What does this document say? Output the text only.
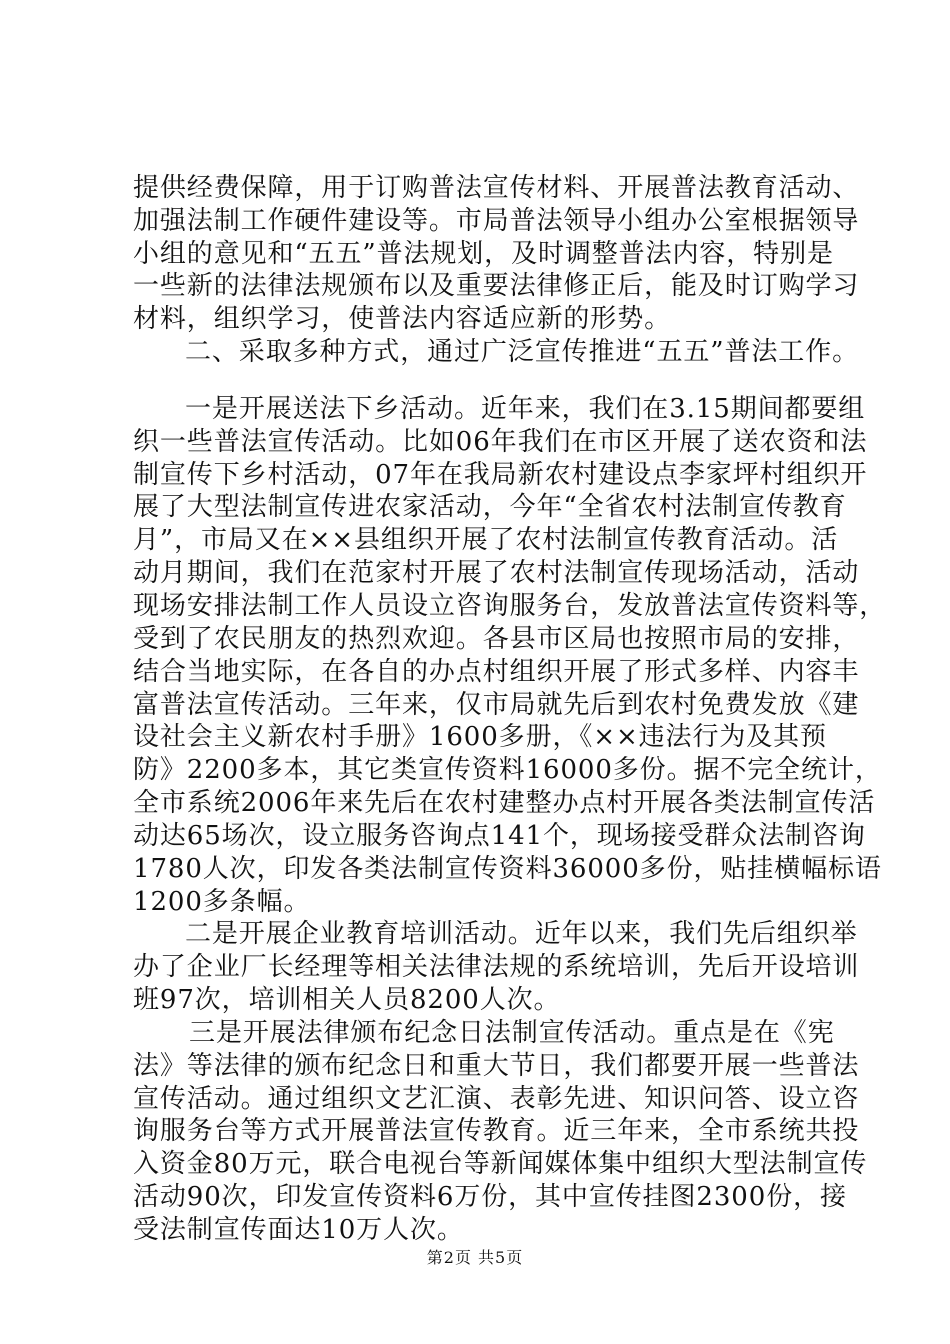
提供经费保障，用于订购普法宣传材料、开展普法教育活动、
加强法制工作硬件建设等。市局普法领导小组办公室根据领导
小组的意见和“五五”普法规划，及时调整普法内容，特别是
一些新的法律法规颁布以及重要法律修正后，能及时订购学习
材料，组织学习，使普法内容适应新的形势。
二、采取多种方式，通过广泛宣传推进“五五”普法工作。
一是开展送法下乡活动。近年来，我们在3.15期间都要组
织一些普法宣传活动。比如06年我们在市区开展了送农资和法
制宣传下乡村活动，07年在我局新农村建设点李家坪村组织开
展了大型法制宣传进农家活动，今年“全省农村法制宣传教育
月”，市局又在××县组织开展了农村法制宣传教育活动。活
动月期间，我们在范家村开展了农村法制宣传现场活动，活动
现场安排法制工作人员设立咨询服务台，发放普法宣传资料等，
受到了农民朋友的热烈欢迎。各县市区局也按照市局的安排，
结合当地实际，在各自的办点村组织开展了形式多样、内容丰
富普法宣传活动。三年来，仅市局就先后到农村免费发放《建
设社会主义新农村手册》1600多册，《××违法行为及其预
防》2200多本，其它类宣传资料16000多份。据不完全统计，
全市系统2006年来先后在农村建整办点村开展各类法制宣传活
动达65场次，设立服务咨询点141个，现场接受群众法制咨询
1780人次，印发各类法制宣传资料36000多份，贴挂横幅标语
1200多条幅。
二是开展企业教育培训活动。近年以来，我们先后组织举
办了企业厂长经理等相关法律法规的系统培训，先后开设培训
班97次，培训相关人员8200人次。
三是开展法律颁布纪念日法制宣传活动。重点是在《宪
法》等法律的颁布纪念日和重大节日，我们都要开展一些普法
宣传活动。通过组织文艺汇演、表彰先进、知识问答、设立咨
询服务台等方式开展普法宣传教育。近三年来，全市系统共投
入资金80万元，联合电视台等新闻媒体集中组织大型法制宣传
活动90次，印发宣传资料6万份，其中宣传挂图2300份，接
受法制宣传面达10万人次。
第2页 共5页
